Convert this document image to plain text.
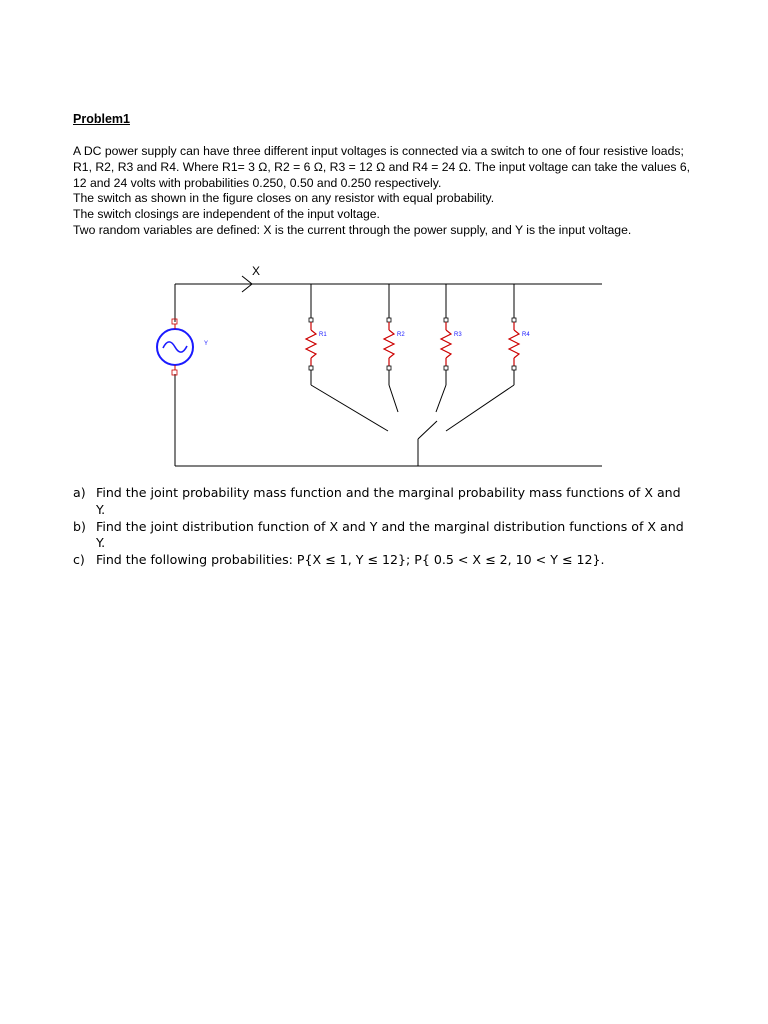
Problem1

A DC power supply can have three different input voltages is connected via a switch to one of four resistive loads; R1, R2, R3 and R4. Where R1= 3 Ω, R2 = 6 Ω, R3 = 12 Ω and R4 = 24 Ω. The input voltage can take the values 6, 12 and 24 volts with probabilities 0.250, 0.50 and 0.250 respectively.

The switch as shown in the figure closes on any resistor with equal probability.

The switch closings are independent of the input voltage.

Two random variables are defined: X is the current through the power supply, and Y is the input voltage.

X
Y
R1	R2	R3	R4
a) Find the joint probability mass function and the marginal probability mass functions of X and Y.
b) Find the joint distribution function of X and Y and the marginal distribution functions of X and Y.
c) Find the following probabilities: P{X ≤ 1, Y ≤ 12}; P{ 0.5 < X ≤ 2, 10 < Y ≤ 12}.
